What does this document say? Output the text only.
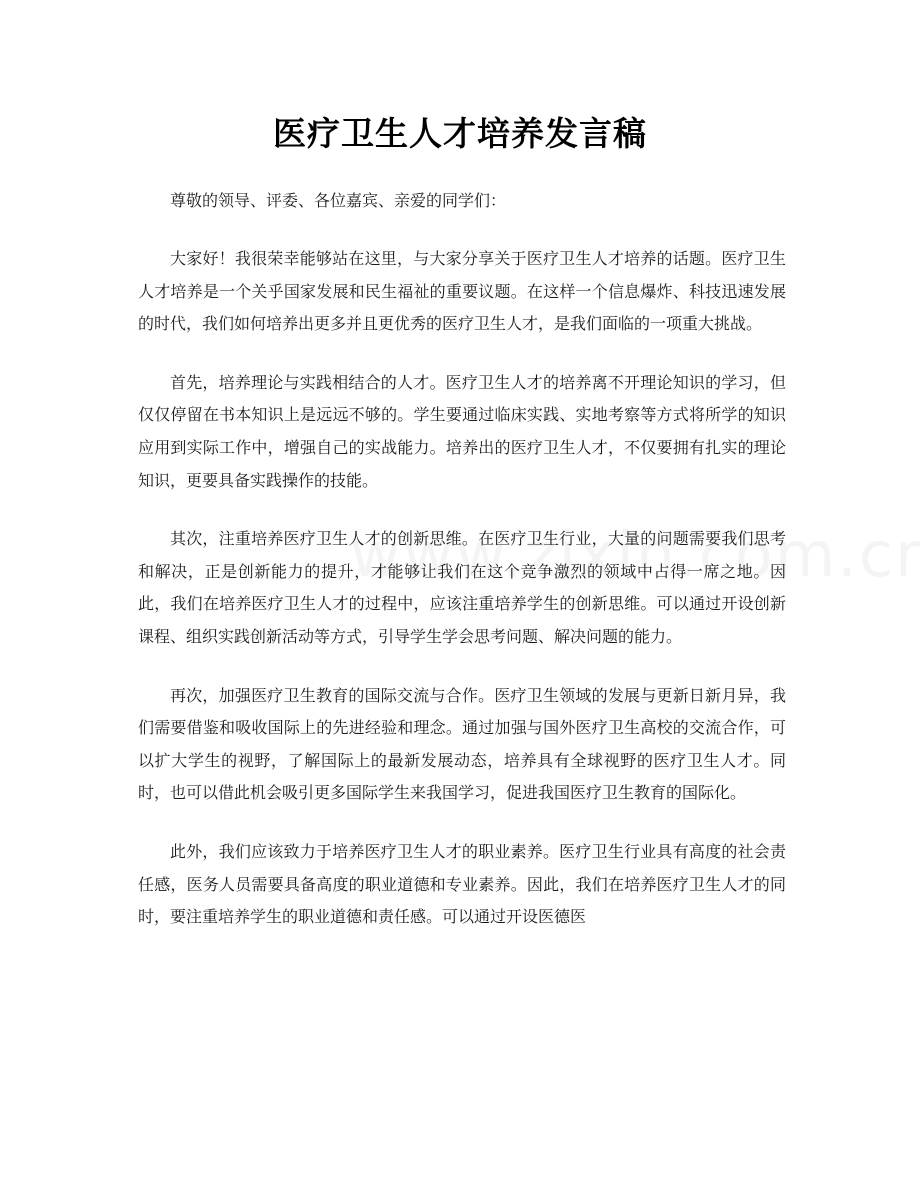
医疗卫生人才培养发言稿

尊敬的领导、评委、各位嘉宾、亲爱的同学们：

大家好！我很荣幸能够站在这里，与大家分享关于医疗卫生人才培养的话题。医疗卫生人才培养是一个关乎国家发展和民生福祉的重要议题。在这样一个信息爆炸、科技迅速发展的时代，我们如何培养出更多并且更优秀的医疗卫生人才，是我们面临的一项重大挑战。

首先，培养理论与实践相结合的人才。医疗卫生人才的培养离不开理论知识的学习，但仅仅停留在书本知识上是远远不够的。学生要通过临床实践、实地考察等方式将所学的知识应用到实际工作中，增强自己的实战能力。培养出的医疗卫生人才，不仅要拥有扎实的理论知识，更要具备实践操作的技能。

其次，注重培养医疗卫生人才的创新思维。在医疗卫生行业，大量的问题需要我们思考和解决，正是创新能力的提升，才能够让我们在这个竞争激烈的领域中占得一席之地。因此，我们在培养医疗卫生人才的过程中，应该注重培养学生的创新思维。可以通过开设创新课程、组织实践创新活动等方式，引导学生学会思考问题、解决问题的能力。

再次，加强医疗卫生教育的国际交流与合作。医疗卫生领域的发展与更新日新月异，我们需要借鉴和吸收国际上的先进经验和理念。通过加强与国外医疗卫生高校的交流合作，可以扩大学生的视野，了解国际上的最新发展动态，培养具有全球视野的医疗卫生人才。同时，也可以借此机会吸引更多国际学生来我国学习，促进我国医疗卫生教育的国际化。

此外，我们应该致力于培养医疗卫生人才的职业素养。医疗卫生行业具有高度的社会责任感，医务人员需要具备高度的职业道德和专业素养。因此，我们在培养医疗卫生人才的同时，要注重培养学生的职业道德和责任感。可以通过开设医德医
